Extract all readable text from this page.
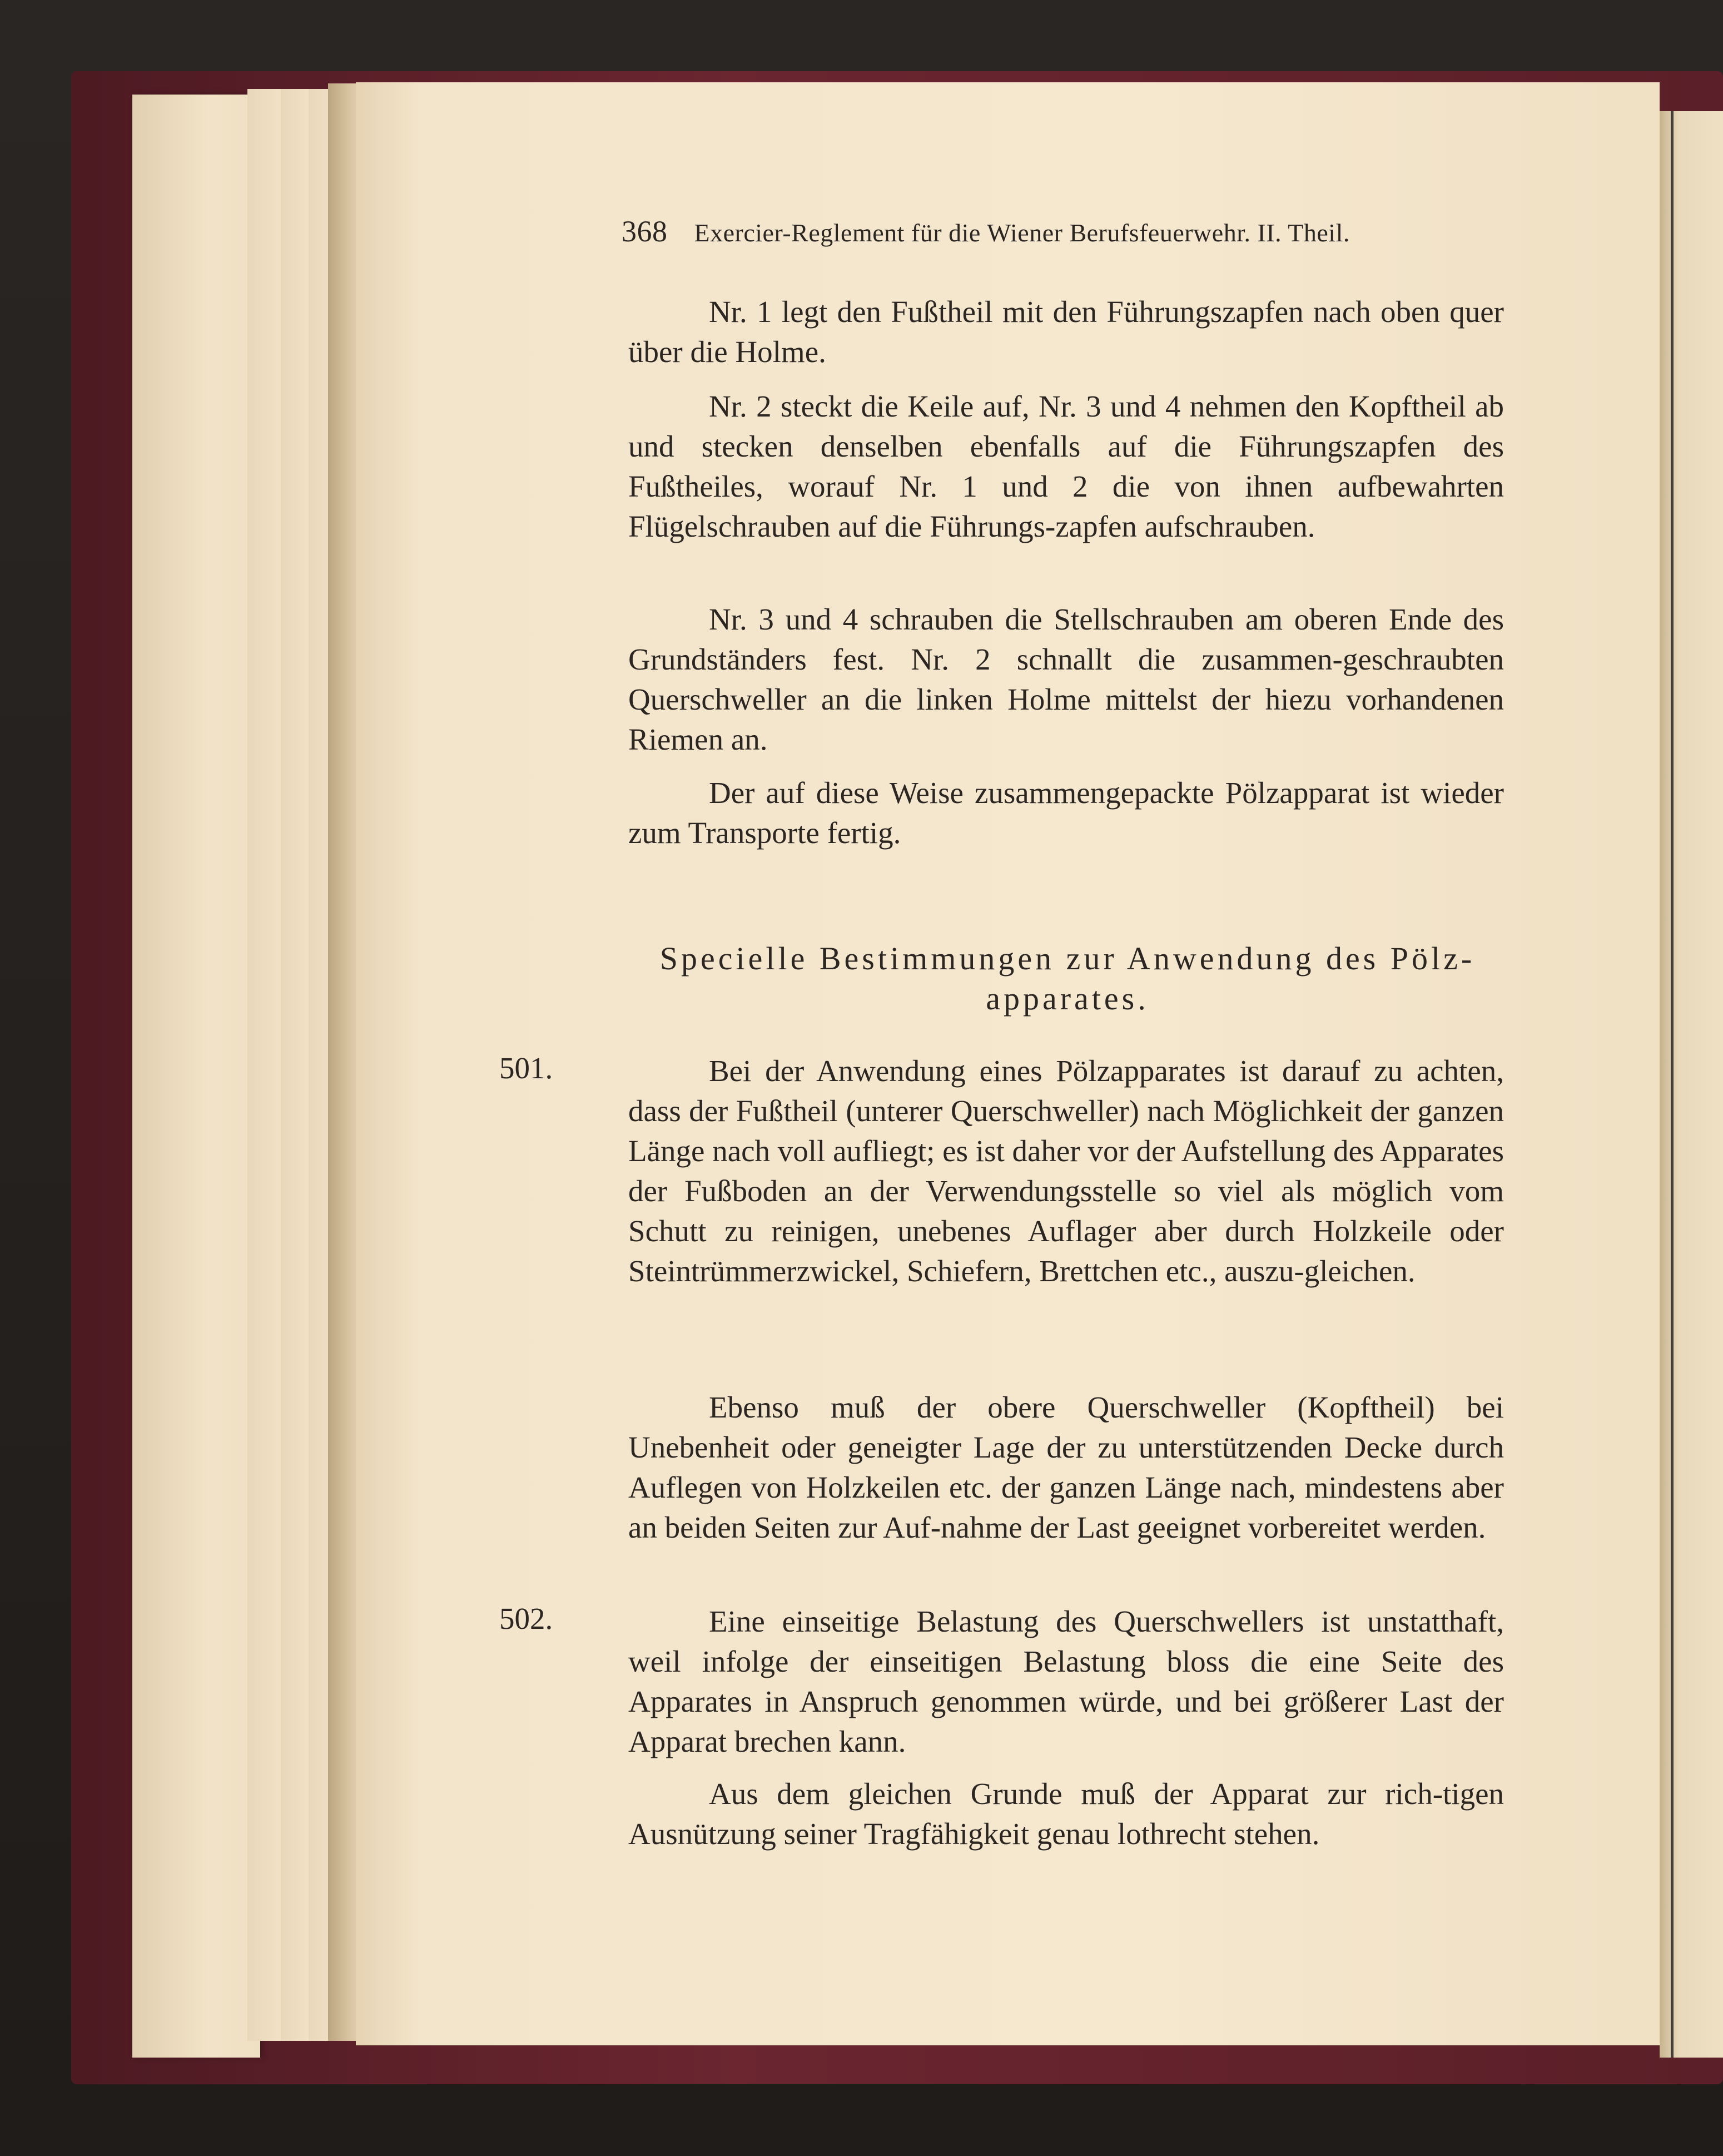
368 Exercier-Reglement für die Wiener Berufsfeuerwehr. II. Theil.

Nr. 1 legt den Fußtheil mit den Führungszapfen nach oben quer über die Holme.

Nr. 2 steckt die Keile auf, Nr. 3 und 4 nehmen den Kopftheil ab und stecken denselben ebenfalls auf die Führungszapfen des Fußtheiles, worauf Nr. 1 und 2 die von ihnen aufbewahrten Flügelschrauben auf die Führungs-zapfen aufschrauben.

Nr. 3 und 4 schrauben die Stellschrauben am oberen Ende des Grundständers fest. Nr. 2 schnallt die zusammen-geschraubten Querschweller an die linken Holme mittelst der hiezu vorhandenen Riemen an.

Der auf diese Weise zusammengepackte Pölzapparat ist wieder zum Transporte fertig.

Specielle Bestimmungen zur Anwendung des Pölz-apparates.
501.	Bei der Anwendung eines Pölzapparates ist darauf zu achten, dass der Fußtheil (unterer Querschweller) nach Möglichkeit der ganzen Länge nach voll aufliegt; es ist daher vor der Aufstellung des Apparates der Fußboden an der Verwendungsstelle so viel als möglich vom Schutt zu reinigen, unebenes Auflager aber durch Holzkeile oder Steintrümmerzwickel, Schiefern, Brettchen etc., auszu-gleichen.

Ebenso muß der obere Querschweller (Kopftheil) bei Unebenheit oder geneigter Lage der zu unterstützenden Decke durch Auflegen von Holzkeilen etc. der ganzen Länge nach, mindestens aber an beiden Seiten zur Auf-nahme der Last geeignet vorbereitet werden.

502.	Eine einseitige Belastung des Querschwellers ist unstatthaft, weil infolge der einseitigen Belastung bloss die eine Seite des Apparates in Anspruch genommen würde, und bei größerer Last der Apparat brechen kann.

Aus dem gleichen Grunde muß der Apparat zur rich-tigen Ausnützung seiner Tragfähigkeit genau lothrecht stehen.
